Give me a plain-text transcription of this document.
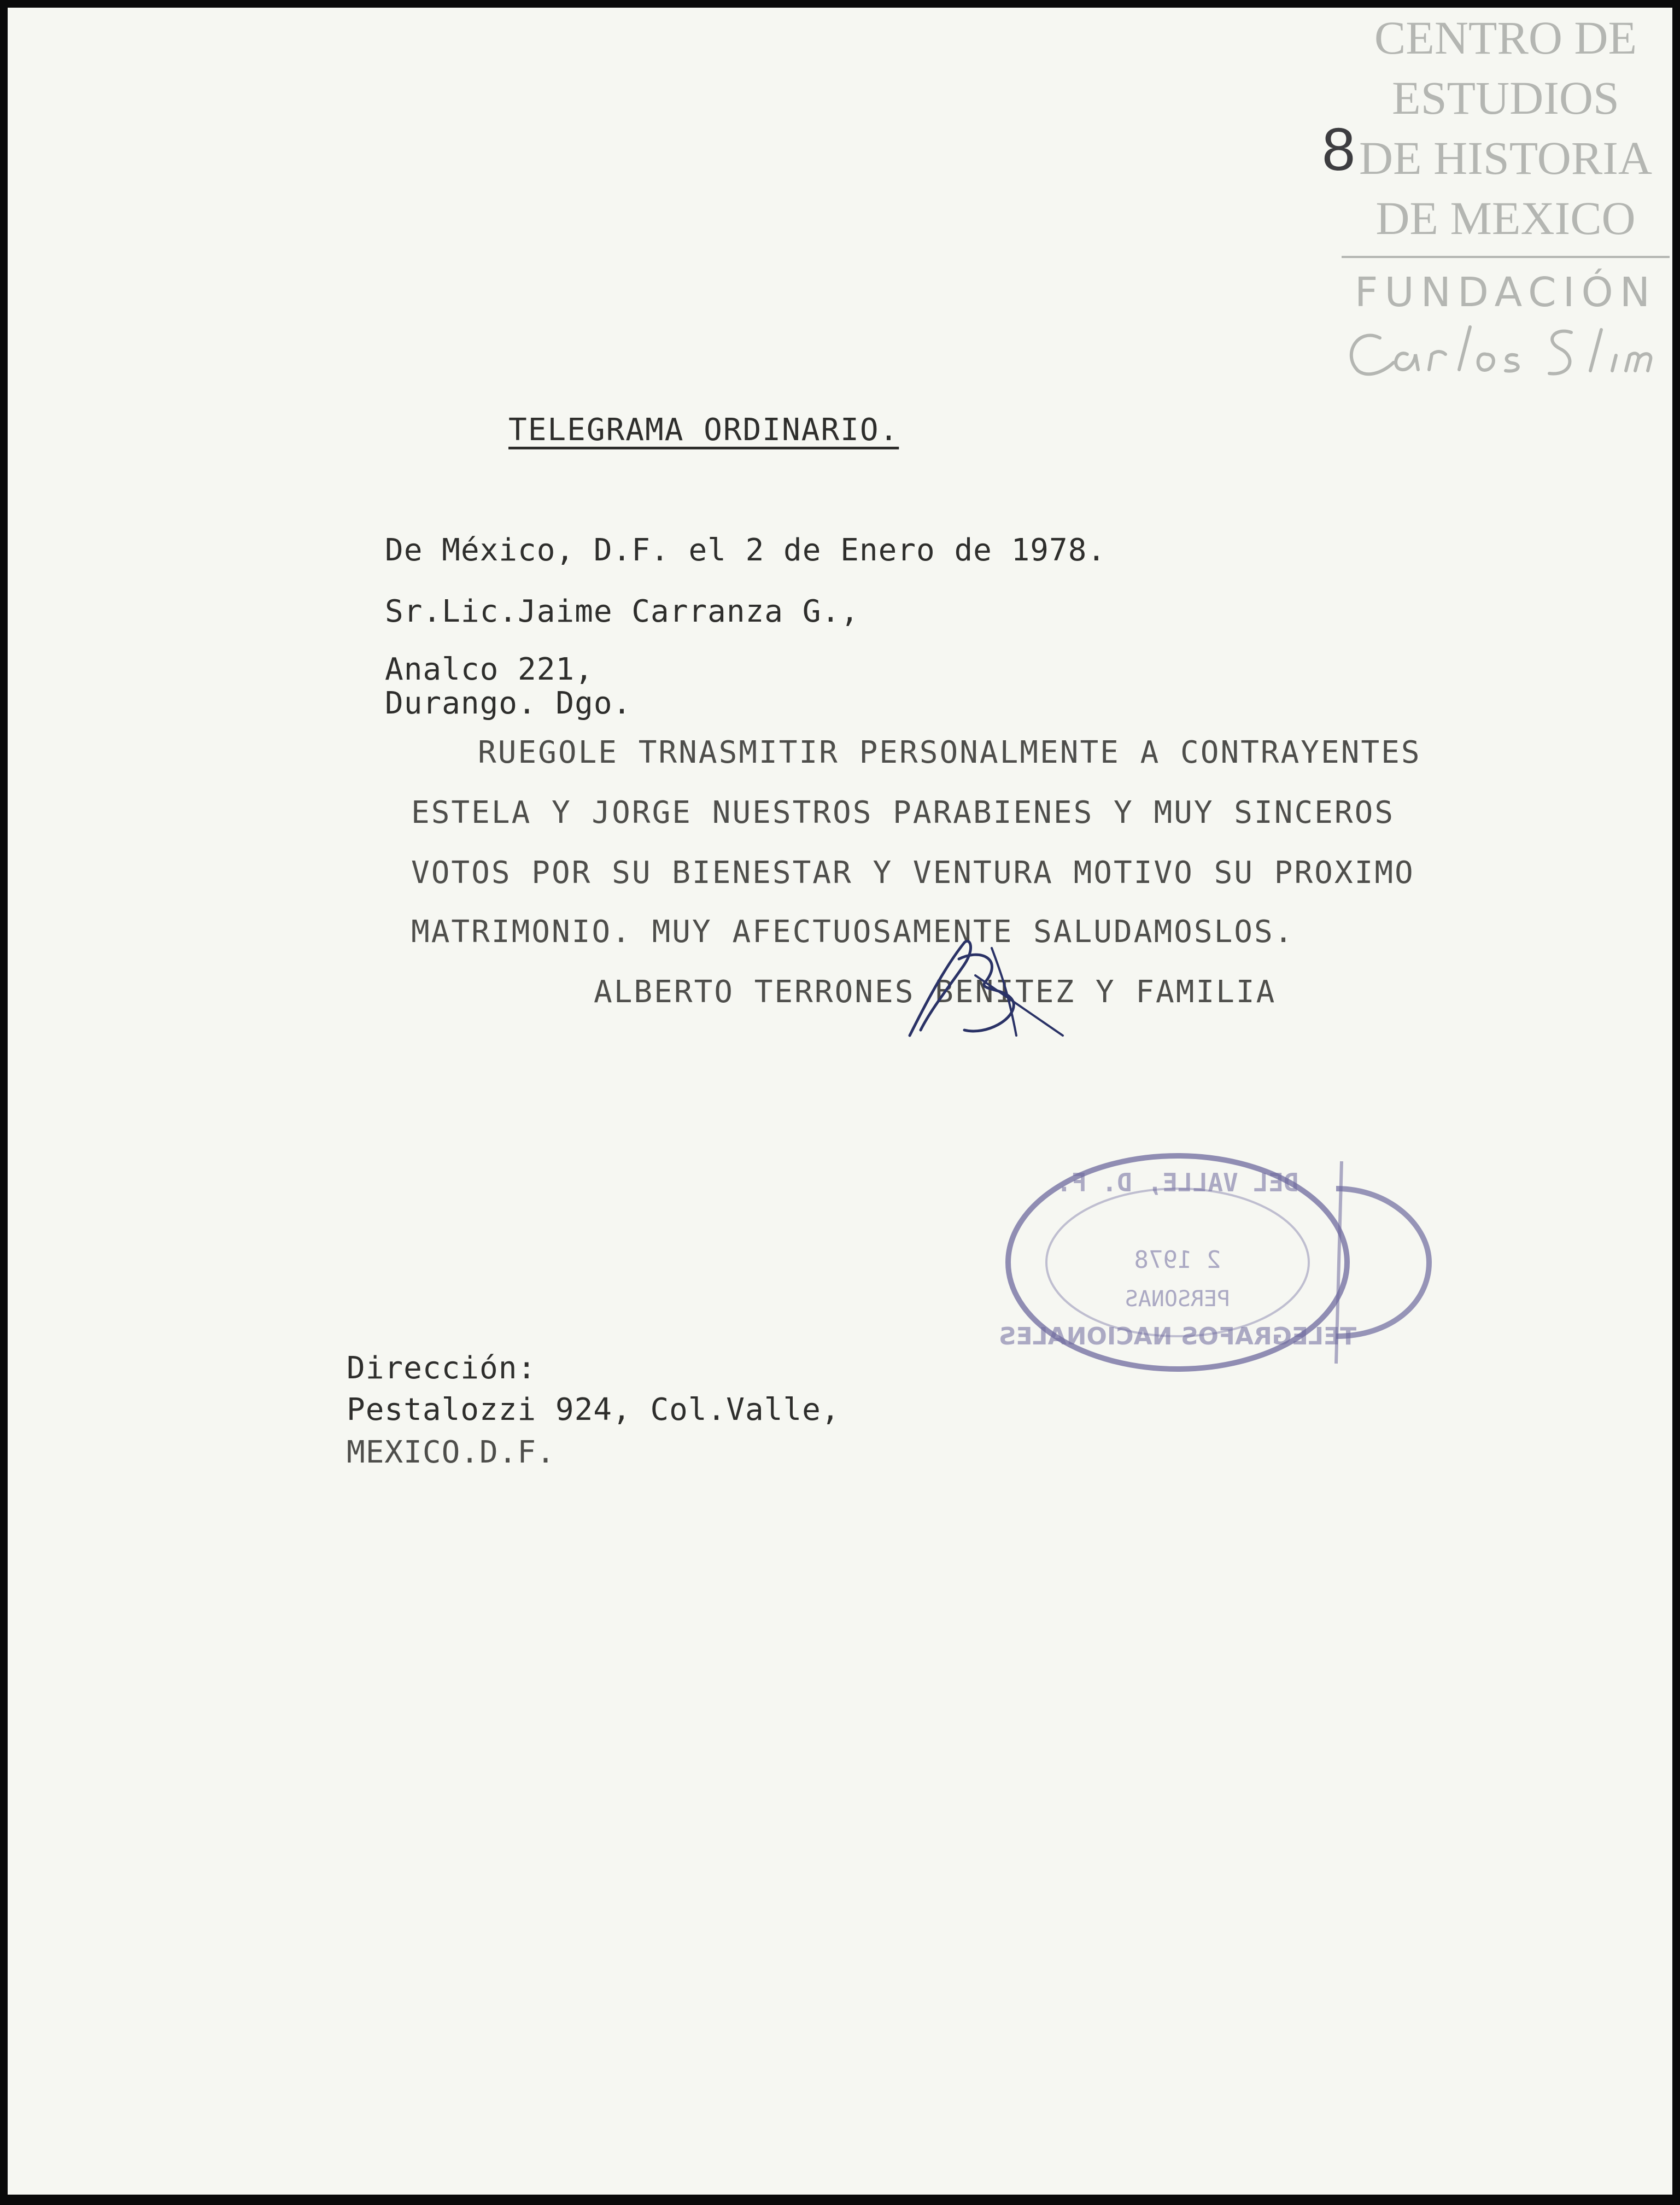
CENTRO DE
ESTUDIOS
DE HISTORIA
DE MEXICO
FUNDACIÓN
8
TELEGRAMA ORDINARIO.
De México, D.F. el 2 de Enero de 1978.
Sr.Lic.Jaime Carranza G.,
Analco 221,
Durango. Dgo.
RUEGOLE TRNASMITIR PERSONALMENTE A CONTRAYENTES
ESTELA Y JORGE NUESTROS PARABIENES Y MUY SINCEROS
VOTOS POR SU BIENESTAR Y VENTURA MOTIVO SU PROXIMO
MATRIMONIO. MUY AFECTUOSAMENTE SALUDAMOSLOS.
ALBERTO TERRONES BENITEZ Y FAMILIA
TELEGRAFOS NACIONALES
DEL VALLE, D. F.
2 1978
PERSONAS
Dirección:
Pestalozzi 924, Col.Valle,
MEXICO.D.F.
